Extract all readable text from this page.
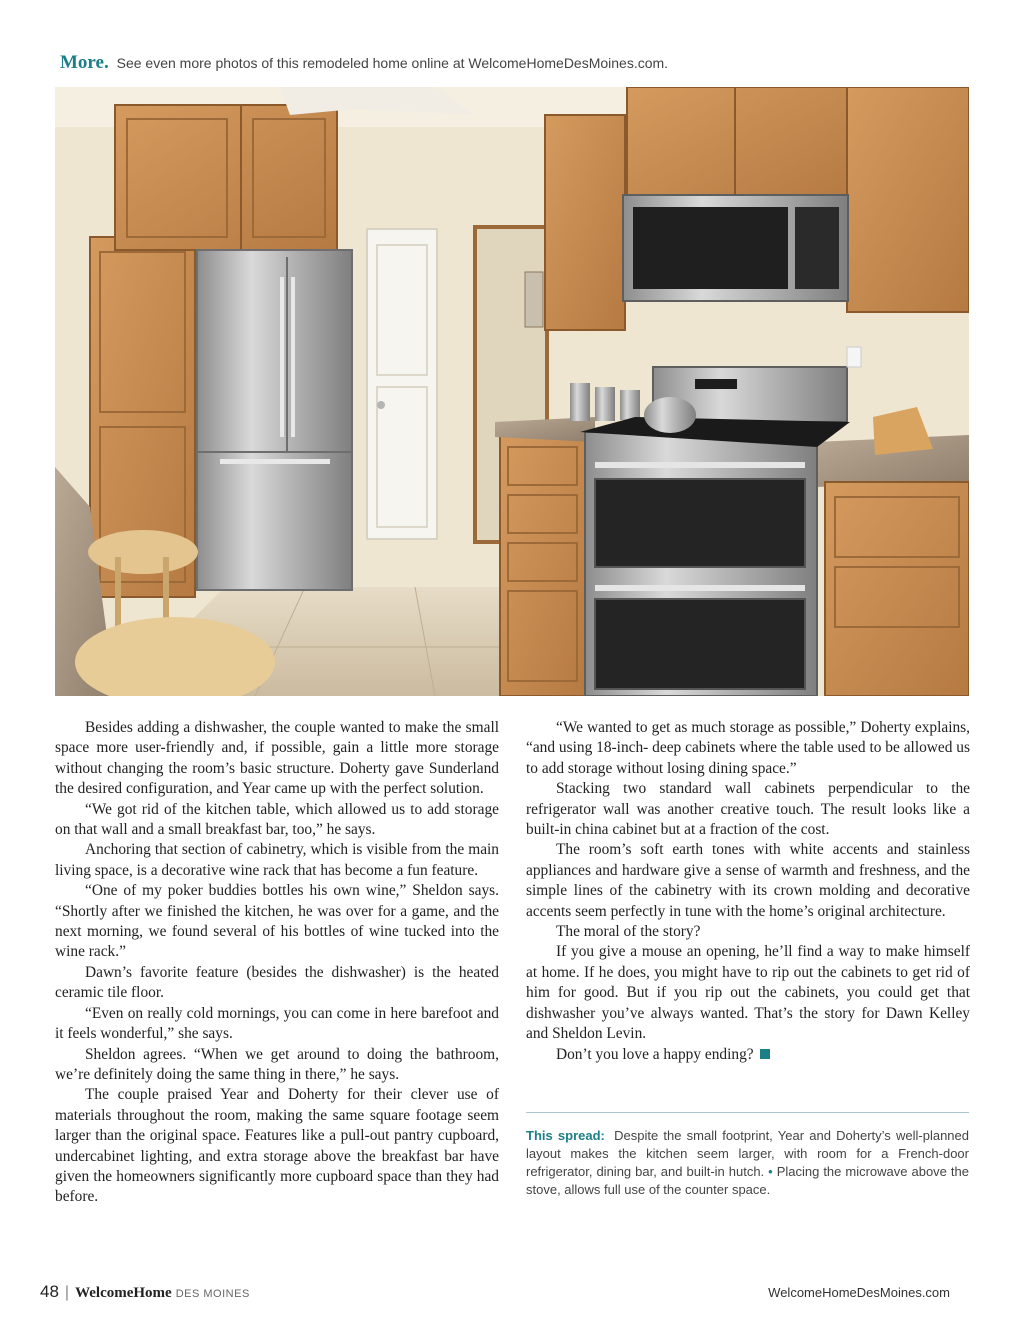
More. See even more photos of this remodeled home online at WelcomeHomeDesMoines.com.

Besides adding a dishwasher, the couple wanted to make the small space more user-friendly and, if possible, gain a little more storage without changing the room’s basic structure. Doherty gave Sunderland the desired configuration, and Year came up with the perfect solution.

“We got rid of the kitchen table, which allowed us to add storage on that wall and a small breakfast bar, too,” he says.

Anchoring that section of cabinetry, which is visible from the main living space, is a decorative wine rack that has become a fun feature.

“One of my poker buddies bottles his own wine,” Sheldon says. “Shortly after we finished the kitchen, he was over for a game, and the next morning, we found several of his bottles of wine tucked into the wine rack.”

Dawn’s favorite feature (besides the dishwasher) is the heated ceramic tile floor.

“Even on really cold mornings, you can come in here barefoot and it feels wonderful,” she says.

Sheldon agrees. “When we get around to doing the bathroom, we’re definitely doing the same thing in there,” he says.

The couple praised Year and Doherty for their clever use of materials throughout the room, making the same square footage seem larger than the original space. Features like a pull-out pantry cupboard, undercabinet lighting, and extra storage above the breakfast bar have given the homeowners significantly more cupboard space than they had before.

“We wanted to get as much storage as possible,” Doherty explains, “and using 18-inch- deep cabinets where the table used to be allowed us to add storage without losing dining space.”

Stacking two standard wall cabinets perpendicular to the refrigerator wall was another creative touch. The result looks like a built-in china cabinet but at a fraction of the cost.

The room’s soft earth tones with white accents and stainless appliances and hardware give a sense of warmth and freshness, and the simple lines of the cabinetry with its crown molding and decorative accents seem perfectly in tune with the home’s original architecture.

The moral of the story?

If you give a mouse an opening, he’ll find a way to make himself at home. If he does, you might have to rip out the cabinets to get rid of him for good. But if you rip out the cabinets, you could get that dishwasher you’ve always wanted. That’s the story for Dawn Kelley and Sheldon Levin.

Don’t you love a happy ending?

This spread: Despite the small footprint, Year and Doherty’s well-planned layout makes the kitchen seem larger, with room for a French-door refrigerator, dining bar, and built-in hutch. • Placing the microwave above the stove, allows full use of the counter space.
48 | WelcomeHome DES MOINES	WelcomeHomeDesMoines.com
